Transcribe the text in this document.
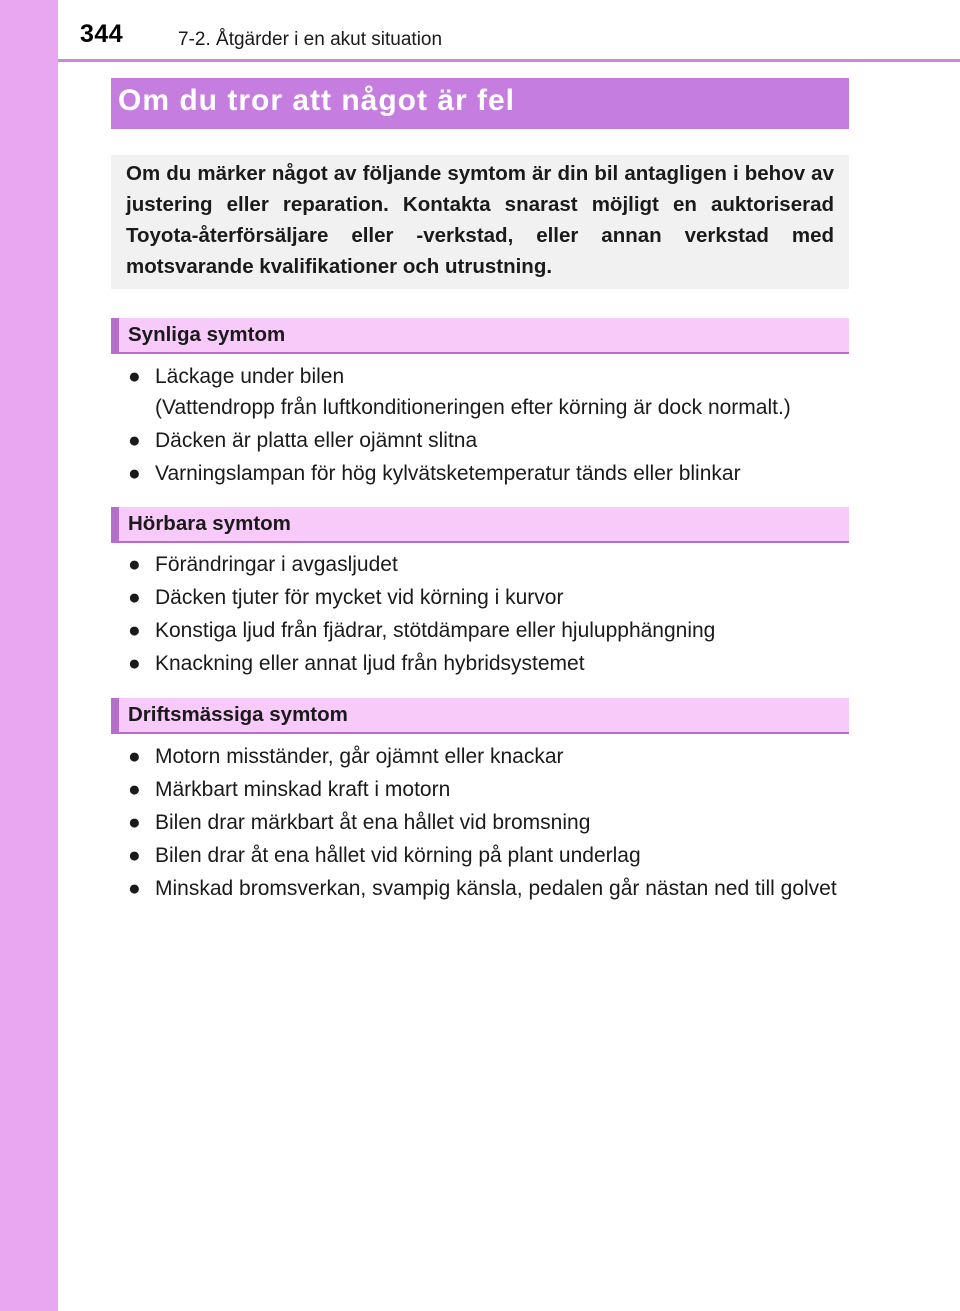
344	7-2. Åtgärder i en akut situation
Om du tror att något är fel
Om du märker något av följande symtom är din bil antagligen i behov av justering eller reparation. Kontakta snarast möjligt en auktoriserad Toyota-återförsäljare eller -verkstad, eller annan verkstad med motsvarande kvalifikationer och utrustning.
Synliga symtom
● Läckage under bilen
(Vattendropp från luftkonditioneringen efter körning är dock normalt.)
● Däcken är platta eller ojämnt slitna
● Varningslampan för hög kylvätsketemperatur tänds eller blinkar
Hörbara symtom
● Förändringar i avgasljudet
● Däcken tjuter för mycket vid körning i kurvor
● Konstiga ljud från fjädrar, stötdämpare eller hjulupphängning
● Knackning eller annat ljud från hybridsystemet
Driftsmässiga symtom
● Motorn misständer, går ojämnt eller knackar
● Märkbart minskad kraft i motorn
● Bilen drar märkbart åt ena hållet vid bromsning
● Bilen drar åt ena hållet vid körning på plant underlag
● Minskad bromsverkan, svampig känsla, pedalen går nästan ned till golvet
